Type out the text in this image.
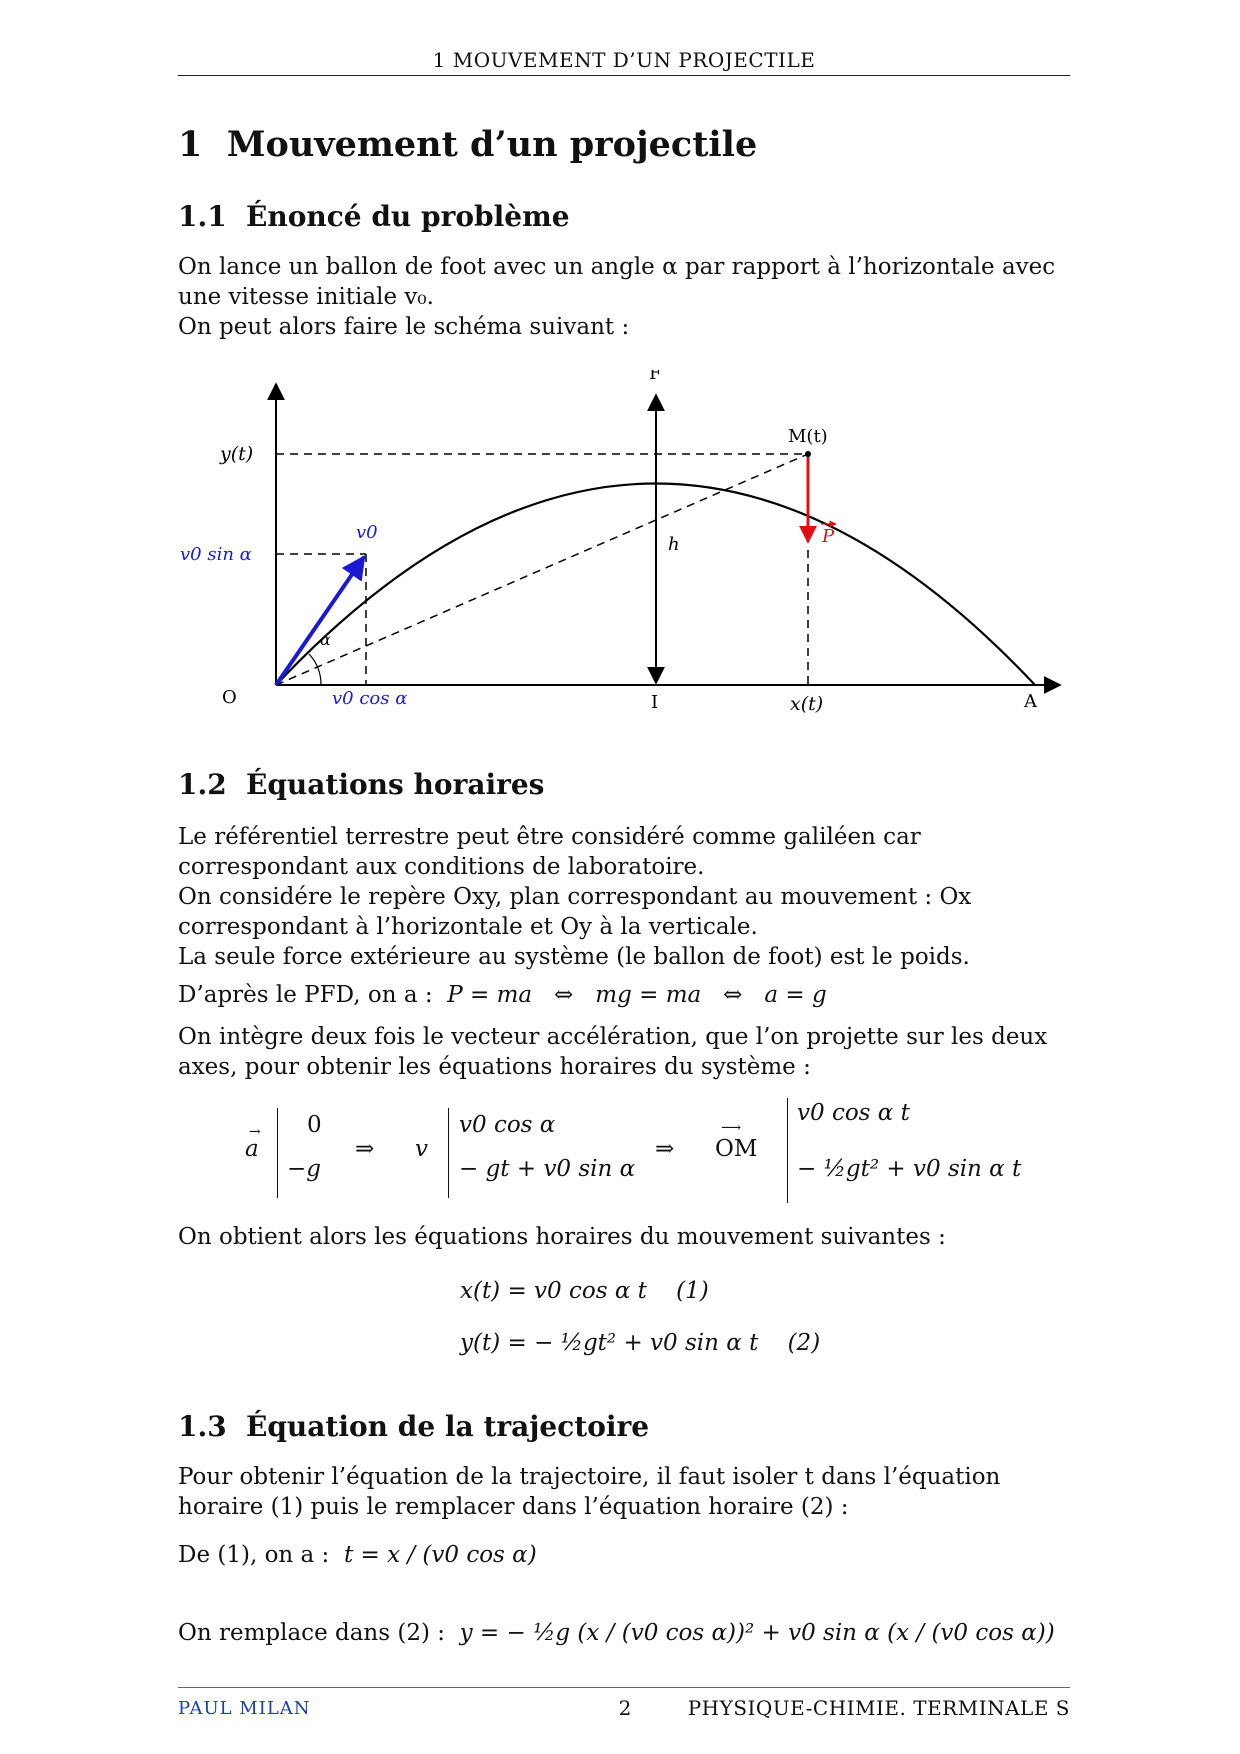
1 MOUVEMENT D’UN PROJECTILE
1 Mouvement d’un projectile
1.1 Énoncé du problème
On lance un ballon de foot avec un angle α par rapport à l’horizontale avec une vitesse initiale v₀.
On peut alors faire le schéma suivant :
F
M(t)
y(t)
v0
v0 sin α
α
h	P
O	v0 cos α	I	x(t)	A
1.2 Équations horaires
Le référentiel terrestre peut être considéré comme galiléen car correspondant aux conditions de laboratoire.
On considére le repère Oxy, plan correspondant au mouvement : Ox correspondant à l’horizontale et Oy à la verticale.
La seule force extérieure au système (le ballon de foot) est le poids.
D’après le PFD, on a : P = ma   ⇔   mg = ma   ⇔   a = g
On intègre deux fois le vecteur accélération, que l’on projette sur les deux axes, pour obtenir les équations horaires du système :
a
→ 0
−g
⇒ v
v0 cos α
− gt + v0 sin α
⇒ OM
⟶
v0 cos α t
− ½gt² + v0 sin α t
On obtient alors les équations horaires du mouvement suivantes :
x(t) = v0 cos α t    (1)
y(t) = − ½gt² + v0 sin α t    (2)
1.3 Équation de la trajectoire
Pour obtenir l’équation de la trajectoire, il faut isoler t dans l’équation horaire (1) puis le remplacer dans l’équation horaire (2) :
De (1), on a : t = x / (v0 cos α)
On remplace dans (2) : y = − ½g (x / (v0 cos α))² + v0 sin α (x / (v0 cos α))
PAUL MILAN	2	PHYSIQUE-CHIMIE. TERMINALE S
